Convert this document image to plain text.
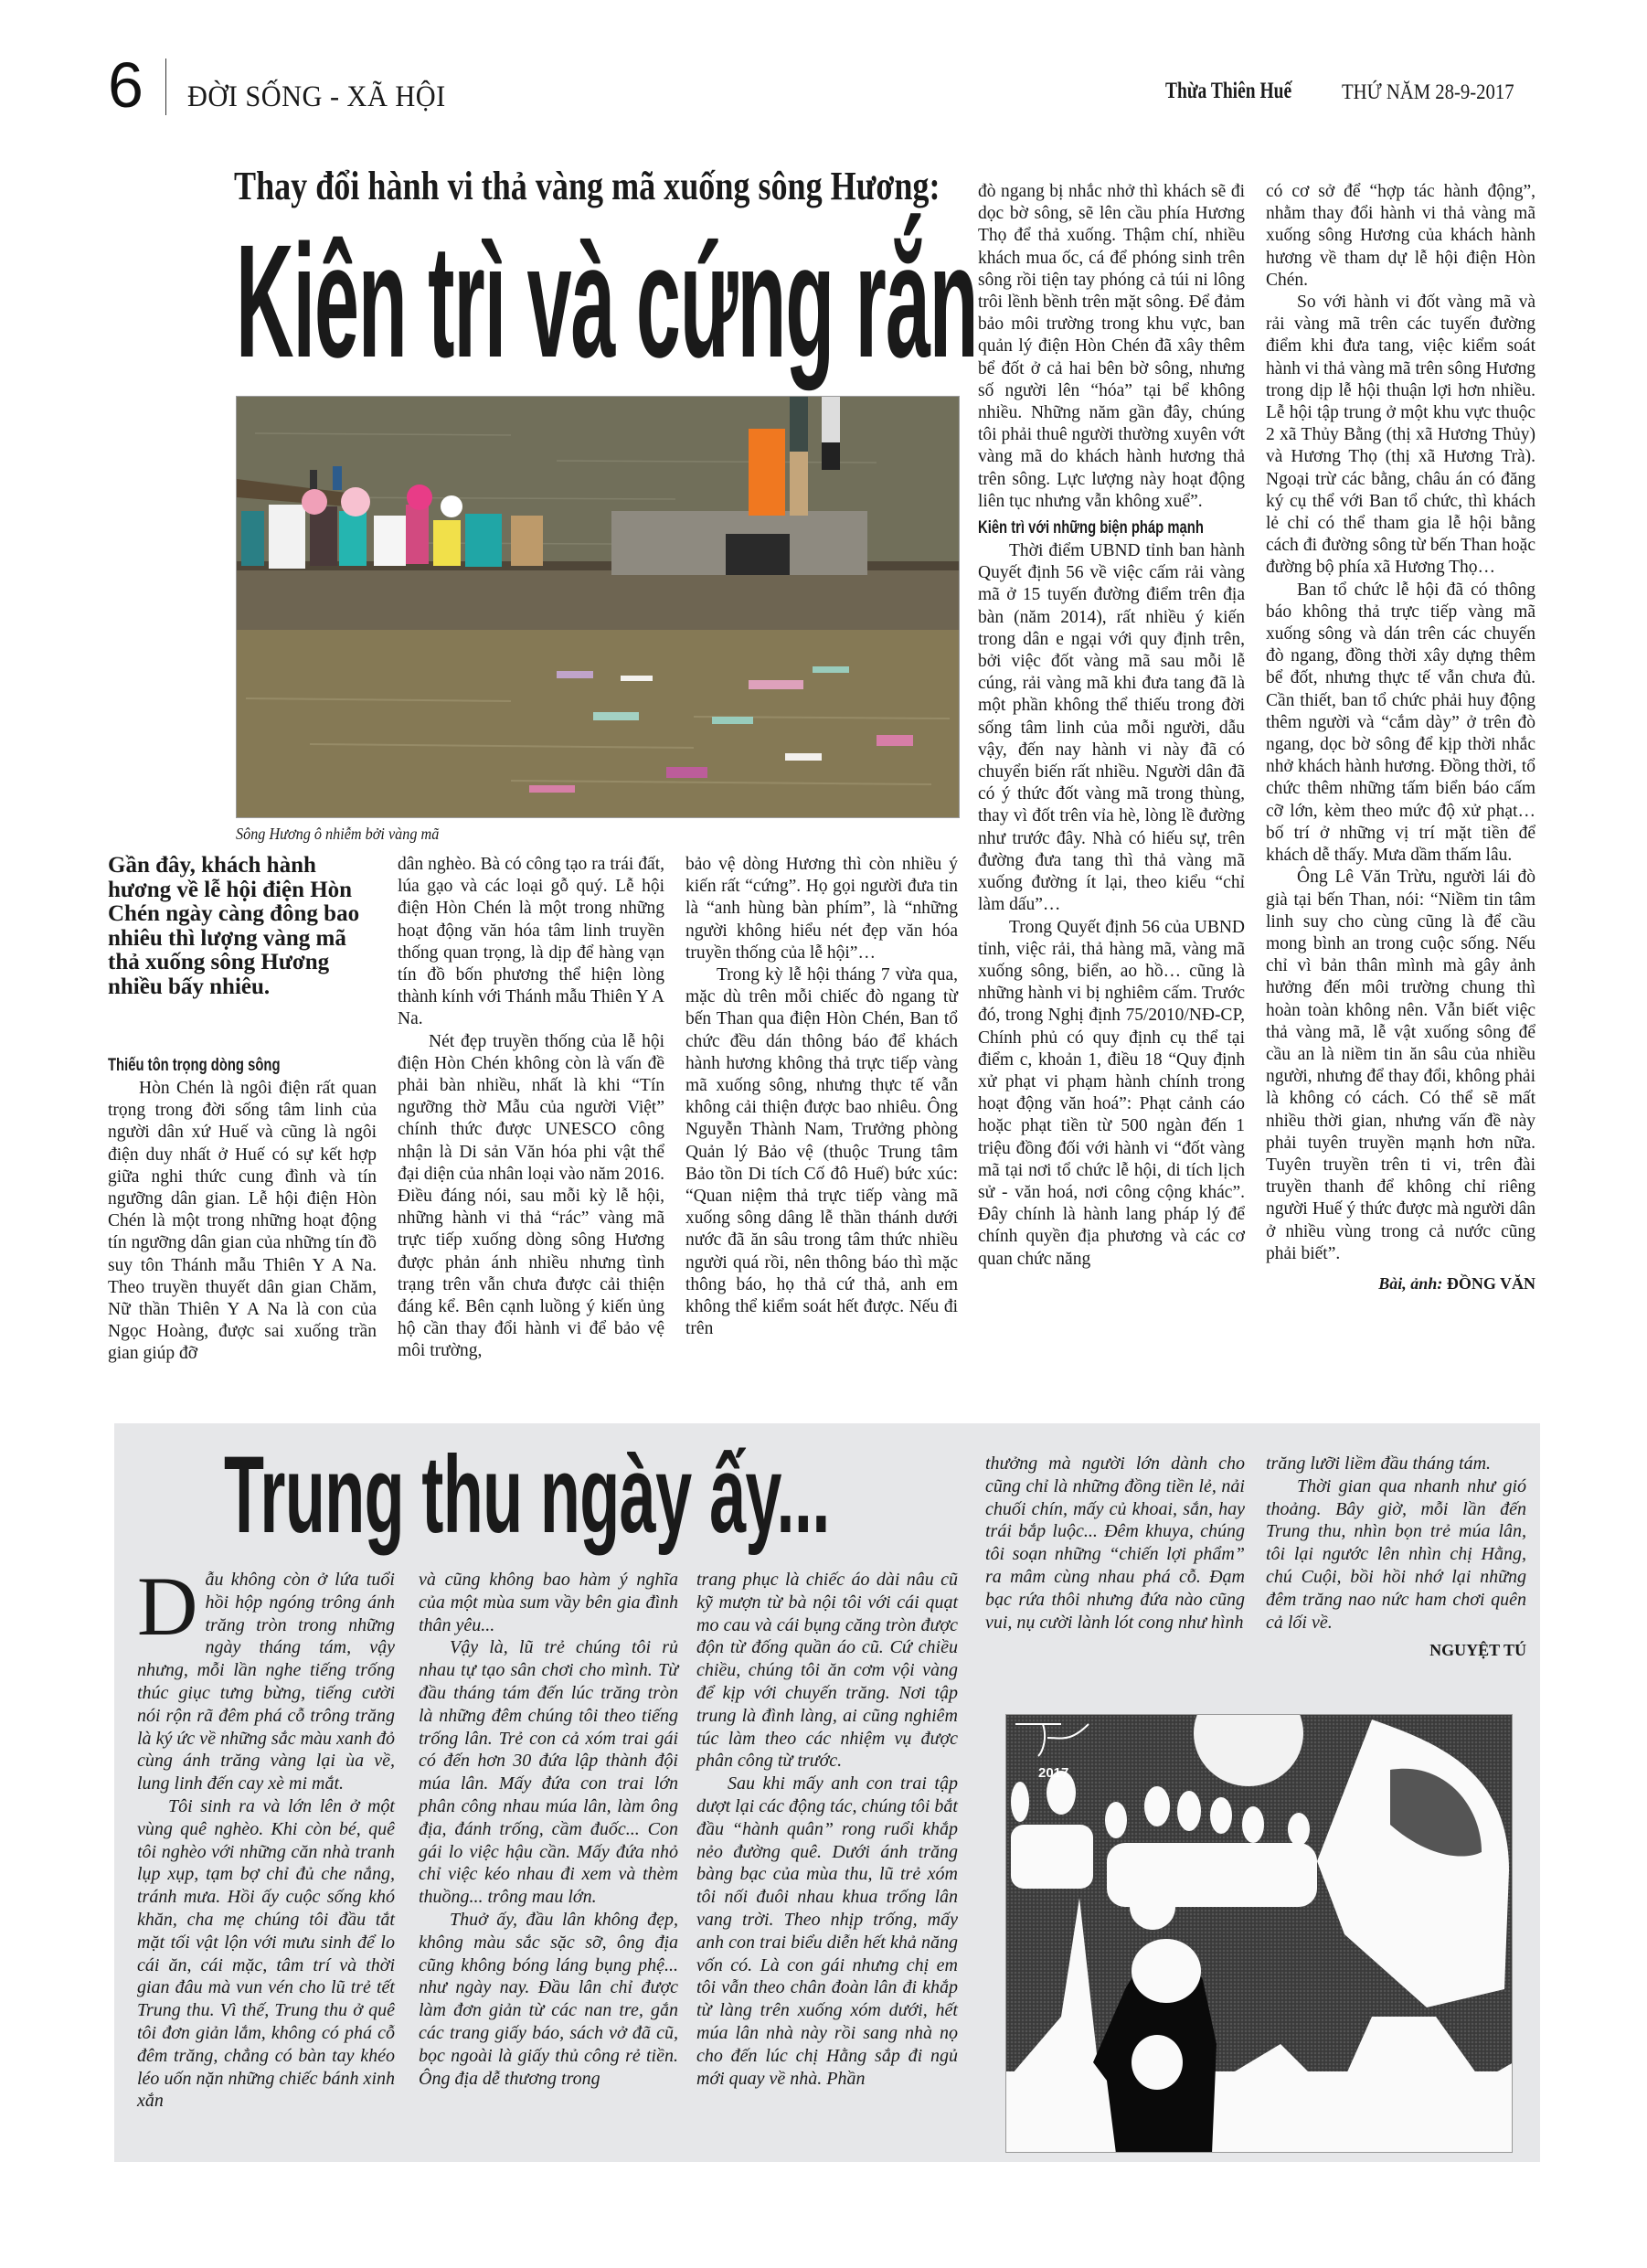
6 ĐỜI SỐNG - XÃ HỘI	Thừa Thiên Huế THỨ NĂM 28-9-2017
Thay đổi hành vi thả vàng mã xuống sông Hương:
Kiên trì và cứng rắn
Sông Hương ô nhiễm bởi vàng mã
Gần đây, khách hành hương về lễ hội điện Hòn Chén ngày càng đông bao nhiêu thì lượng vàng mã thả xuống sông Hương nhiều bấy nhiêu.
Thiếu tôn trọng dòng sông

Hòn Chén là ngôi điện rất quan trọng trong đời sống tâm linh của người dân xứ Huế và cũng là ngôi điện duy nhất ở Huế có sự kết hợp giữa nghi thức cung đình và tín ngưỡng dân gian. Lễ hội điện Hòn Chén là một trong những hoạt động tín ngưỡng dân gian của những tín đồ suy tôn Thánh mẫu Thiên Y A Na. Theo truyền thuyết dân gian Chăm, Nữ thần Thiên Y A Na là con của Ngọc Hoàng, được sai xuống trần gian giúp đỡ

dân nghèo. Bà có công tạo ra trái đất, lúa gạo và các loại gỗ quý. Lễ hội điện Hòn Chén là một trong những hoạt động văn hóa tâm linh truyền thống quan trọng, là dịp để hàng vạn tín đồ bốn phương thể hiện lòng thành kính với Thánh mẫu Thiên Y A Na.

Nét đẹp truyền thống của lễ hội điện Hòn Chén không còn là vấn đề phải bàn nhiều, nhất là khi “Tín ngưỡng thờ Mẫu của người Việt” chính thức được UNESCO công nhận là Di sản Văn hóa phi vật thể đại diện của nhân loại vào năm 2016. Điều đáng nói, sau mỗi kỳ lễ hội, những hành vi thả “rác” vàng mã trực tiếp xuống dòng sông Hương được phản ánh nhiều nhưng tình trạng trên vẫn chưa được cải thiện đáng kể. Bên cạnh luồng ý kiến ủng hộ cần thay đổi hành vi để bảo vệ môi trường,

bảo vệ dòng Hương thì còn nhiều ý kiến rất “cứng”. Họ gọi người đưa tin là “anh hùng bàn phím”, là “những người không hiểu nét đẹp văn hóa truyền thống của lễ hội”…

Trong kỳ lễ hội tháng 7 vừa qua, mặc dù trên mỗi chiếc đò ngang từ bến Than qua điện Hòn Chén, Ban tổ chức đều dán thông báo để khách hành hương không thả trực tiếp vàng mã xuống sông, nhưng thực tế vẫn không cải thiện được bao nhiêu. Ông Nguyễn Thành Nam, Trưởng phòng Quản lý Bảo vệ (thuộc Trung tâm Bảo tồn Di tích Cố đô Huế) bức xúc: “Quan niệm thả trực tiếp vàng mã xuống sông dâng lễ thần thánh dưới nước đã ăn sâu trong tâm thức nhiều người quá rồi, nên thông báo thì mặc thông báo, họ thả cứ thả, anh em không thể kiểm soát hết được. Nếu đi trên

đò ngang bị nhắc nhở thì khách sẽ đi dọc bờ sông, sẽ lên cầu phía Hương Thọ để thả xuống. Thậm chí, nhiều khách mua ốc, cá để phóng sinh trên sông rồi tiện tay phóng cả túi ni lông trôi lềnh bềnh trên mặt sông. Để đảm bảo môi trường trong khu vực, ban quản lý điện Hòn Chén đã xây thêm bể đốt ở cả hai bên bờ sông, nhưng số người lên “hóa” tại bể không nhiều. Những năm gần đây, chúng tôi phải thuê người thường xuyên vớt vàng mã do khách hành hương thả trên sông. Lực lượng này hoạt động liên tục nhưng vẫn không xuể”.

Kiên trì với những biện pháp mạnh

Thời điểm UBND tỉnh ban hành Quyết định 56 về việc cấm rải vàng mã ở 15 tuyến đường điểm trên địa bàn (năm 2014), rất nhiều ý kiến trong dân e ngại với quy định trên, bởi việc đốt vàng mã sau mỗi lễ cúng, rải vàng mã khi đưa tang đã là một phần không thể thiếu trong đời sống tâm linh của mỗi người, dẫu vậy, đến nay hành vi này đã có chuyển biến rất nhiều. Người dân đã có ý thức đốt vàng mã trong thùng, thay vì đốt trên vỉa hè, lòng lề đường như trước đây. Nhà có hiếu sự, trên đường đưa tang thì thả vàng mã xuống đường ít lại, theo kiểu “chỉ làm dấu”…

Trong Quyết định 56 của UBND tỉnh, việc rải, thả hàng mã, vàng mã xuống sông, biển, ao hồ… cũng là những hành vi bị nghiêm cấm. Trước đó, trong Nghị định 75/2010/NĐ-CP, Chính phủ có quy định cụ thể tại điểm c, khoản 1, điều 18 “Quy định xử phạt vi phạm hành chính trong hoạt động văn hoá”: Phạt cảnh cáo hoặc phạt tiền từ 500 ngàn đến 1 triệu đồng đối với hành vi “đốt vàng mã tại nơi tổ chức lễ hội, di tích lịch sử - văn hoá, nơi công cộng khác”. Đây chính là hành lang pháp lý để chính quyền địa phương và các cơ quan chức năng

có cơ sở để “hợp tác hành động”, nhằm thay đổi hành vi thả vàng mã xuống sông Hương của khách hành hương về tham dự lễ hội điện Hòn Chén.

So với hành vi đốt vàng mã và rải vàng mã trên các tuyến đường điểm khi đưa tang, việc kiểm soát hành vi thả vàng mã trên sông Hương trong dịp lễ hội thuận lợi hơn nhiều. Lễ hội tập trung ở một khu vực thuộc 2 xã Thủy Bằng (thị xã Hương Thủy) và Hương Thọ (thị xã Hương Trà). Ngoại trừ các bằng, châu án có đăng ký cụ thể với Ban tổ chức, thì khách lẻ chỉ có thể tham gia lễ hội bằng cách đi đường sông từ bến Than hoặc đường bộ phía xã Hương Thọ…

Ban tổ chức lễ hội đã có thông báo không thả trực tiếp vàng mã xuống sông và dán trên các chuyến đò ngang, đồng thời xây dựng thêm bể đốt, nhưng thực tế vẫn chưa đủ. Cần thiết, ban tổ chức phải huy động thêm người và “cắm dày” ở trên đò ngang, dọc bờ sông để kịp thời nhắc nhở khách hành hương. Đồng thời, tổ chức thêm những tấm biển báo cấm cỡ lớn, kèm theo mức độ xử phạt… bố trí ở những vị trí mặt tiền để khách dễ thấy. Mưa dầm thấm lâu.

Ông Lê Văn Trừu, người lái đò già tại bến Than, nói: “Niềm tin tâm linh suy cho cùng cũng là để cầu mong bình an trong cuộc sống. Nếu chỉ vì bản thân mình mà gây ảnh hưởng đến môi trường chung thì hoàn toàn không nên. Vẫn biết việc thả vàng mã, lễ vật xuống sông để cầu an là niềm tin ăn sâu của nhiều người, nhưng để thay đổi, không phải là không có cách. Có thể sẽ mất nhiều thời gian, nhưng vấn đề này phải tuyên truyền mạnh hơn nữa. Tuyên truyền trên ti vi, trên đài truyền thanh để không chỉ riêng người Huế ý thức được mà người dân ở nhiều vùng trong cả nước cũng phải biết”.

Bài, ảnh: ĐỒNG VĂN
Trung thu ngày ấy...
D ẫu không còn ở lứa tuổi hồi hộp ngóng trông ánh trăng tròn trong những ngày tháng tám, vậy nhưng, mỗi lần nghe tiếng trống thúc giục tưng bừng, tiếng cười nói rộn rã đêm phá cỗ trông trăng là ký ức về những sắc màu xanh đỏ cùng ánh trăng vàng lại ùa về, lung linh đến cay xè mi mắt.

Tôi sinh ra và lớn lên ở một vùng quê nghèo. Khi còn bé, quê tôi nghèo với những căn nhà tranh lụp xụp, tạm bợ chỉ đủ che nắng, tránh mưa. Hồi ấy cuộc sống khó khăn, cha mẹ chúng tôi đầu tắt mặt tối vật lộn với mưu sinh để lo cái ăn, cái mặc, tâm trí và thời gian đâu mà vun vén cho lũ trẻ tết Trung thu. Vì thế, Trung thu ở quê tôi đơn giản lắm, không có phá cỗ đêm trăng, chẳng có bàn tay khéo léo uốn nặn những chiếc bánh xinh xắn

và cũng không bao hàm ý nghĩa của một mùa sum vầy bên gia đình thân yêu...

Vậy là, lũ trẻ chúng tôi rủ nhau tự tạo sân chơi cho mình. Từ đầu tháng tám đến lúc trăng tròn là những đêm chúng tôi theo tiếng trống lân. Trẻ con cả xóm trai gái có đến hơn 30 đứa lập thành đội múa lân. Mấy đứa con trai lớn phân công nhau múa lân, làm ông địa, đánh trống, cầm đuốc... Con gái lo việc hậu cần. Mấy đứa nhỏ chỉ việc kéo nhau đi xem và thèm thuồng... trông mau lớn.

Thuở ấy, đầu lân không đẹp, không màu sắc sặc sỡ, ông địa cũng không bóng láng bụng phệ... như ngày nay. Đầu lân chỉ được làm đơn giản từ các nan tre, gắn các trang giấy báo, sách vở đã cũ, bọc ngoài là giấy thủ công rẻ tiền. Ông địa dễ thương trong

trang phục là chiếc áo dài nâu cũ kỹ mượn từ bà nội tôi với cái quạt mo cau và cái bụng căng tròn được độn từ đống quần áo cũ. Cứ chiều chiều, chúng tôi ăn cơm vội vàng để kịp với chuyến trăng. Nơi tập trung là đình làng, ai cũng nghiêm túc làm theo các nhiệm vụ được phân công từ trước.

Sau khi mấy anh con trai tập dượt lại các động tác, chúng tôi bắt đầu “hành quân” rong ruổi khắp nẻo đường quê. Dưới ánh trăng bàng bạc của mùa thu, lũ trẻ xóm tôi nối đuôi nhau khua trống lân vang trời. Theo nhịp trống, mấy anh con trai biểu diễn hết khả năng vốn có. Là con gái nhưng chị em tôi vẫn theo chân đoàn lân đi khắp từ làng trên xuống xóm dưới, hết múa lân nhà này rồi sang nhà nọ cho đến lúc chị Hằng sắp đi ngủ mới quay về nhà. Phần

thưởng mà người lớn dành cho cũng chỉ là những đồng tiền lẻ, nải chuối chín, mấy củ khoai, sắn, hay trái bắp luộc... Đêm khuya, chúng tôi soạn những “chiến lợi phẩm” ra mâm cùng nhau phá cỗ. Đạm bạc rứa thôi nhưng đứa nào cũng vui, nụ cười lành lót cong như hình

trăng lưỡi liềm đầu tháng tám.

Thời gian qua nhanh như gió thoảng. Bây giờ, mỗi lần đến Trung thu, nhìn bọn trẻ múa lân, tôi lại ngước lên nhìn chị Hằng, chú Cuội, bồi hồi nhớ lại những đêm trăng nao nức ham chơi quên cả lối về.

NGUYỆT TÚ
2017
